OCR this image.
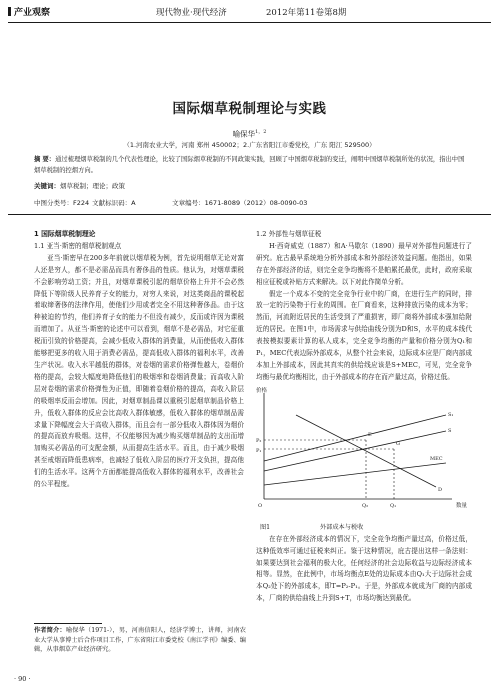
产业观察	现代物业·现代经济	2012年第11卷第8期
国际烟草税制理论与实践
喻保华$^{1,2}$
（1.河南农业大学，河南 郑州 450002；2.广东省阳江市委党校，广东 阳江 529500）
摘 要：通过梳理烟草税制的几个代表性理论，比较了国际烟草税制的不同政策实践，回顾了中国烟草税制的变迁，阐明中国烟草税制所处的状况，指出中国烟草税制的控烟方向。
关键词：烟草税制；理论；政策
中图分类号：F224 文献标识码：A	文章编号：1671-8089（2012）08-0090-03
1 国际烟草税制理论
1.1 亚当·斯密的烟草税制观点

亚当·斯密早在200多年前就以烟草税为例，首先说明烟草无论对富人还是穷人，都不是必需品而具有奢侈品的性质。他认为，对烟草课税不会影响劳动工资；并且，对烟草课税引起的烟草价格上升并不会必然降低下等阶级人民养育子女的能力，对穷人来说，对这类商品的课税起着取缔奢侈的法律作用，使他们少用或者完全不用这种奢侈品。由于这种被迫的节约，他们养育子女的能力不但没有减少，反而或许因为课税而增加了。从亚当·斯密的论述中可以看到，烟草不是必需品，对它征重税而引致的价格提高，会减少低收入群体的消费量，从而使低收入群体能够把更多的收入用于消费必需品，提高低收入群体的福利水平，改善生产状况。收入水平越低的群体，对卷烟的需求价格弹性越大，卷烟价格的提高，会较大幅度地降低他们的吸烟率和卷烟消费量；而高收入阶层对卷烟的需求价格弹性为正值，即随着卷烟价格的提高，高收入阶层的吸烟率反而会增加。因此，对烟草制品课以重税引起烟草制品价格上升，低收入群体的反应会比高收入群体敏感，低收入群体的烟草制品需求量下降幅度会大于高收入群体，而且会有一部分低收入群体因为烟价的提高而放弃吸烟。这样，不仅能够因为减少购买烟草制品的支出而增加购买必需品的可支配金额，从而提高生活水平。而且，由于减少吸烟甚至戒烟而降低患病率，也减轻了低收入阶层的医疗开支负担，提高他们的生活水平。这两个方面都能提高低收入群体的福利水平，改善社会的公平程度。

1.2 外部性与烟草征税

H·西奇威克（1887）和A·马歇尔（1890）最早对外部性问题进行了研究。庇古最早系统地分析外部成本和外部经济效益问题。他指出，如果存在外部经济的话，则完全竞争均衡将不是帕累托最优，此时，政府采取相应征税或补贴方式来解决。以下对此作简单分析。

假定一个成本不变的完全竞争行业中的厂商，在进行生产的同时，排放一定的污染物于行业的周围。在厂商看来，这种排放污染的成本为零；然而，河流附近居民的生活受到了严重损害，即厂商将外部成本强加给附近的居民。在图1中，市场需求与供给曲线分别为D和S，水平的成本线代表按模拟要素计算的私人成本，完全竞争均衡的产量和价格分别为Q₁和P₁，MEC代表边际外部成本，从整个社会来说，边际成本应是厂商内部成本加上外部成本，因此其真实的供给线应该是S+MEC，可见，完全竞争均衡与最优均衡相比，由于外部成本的存在而产量过高，价格过低。

价格
数量
P₂
P₁
Q₂	Q₁
E
G
S₁
S
MEC
D
O

图1	外部成本与税收

在存在外部经济成本的情况下，完全竞争均衡产量过高，价格过低，这种低效率可通过征税来纠正。鉴于这种情况，庇古提出这样一条法则：如果要达到社会福利的极大化，任何经济的社会边际收益与边际经济成本相等。显然，在此例中，市场均衡点E处的边际成本由Q₁大于边际社会成本Q₂处下的外部成本，即T=P₂-P₁。于是，外部成本就成为厂商的内部成本，厂商的供给曲线上升到S+T，市场均衡达到最优。

作者简介：喻保华（1971-），男，河南信阳人，经济学博士，讲师，河南农业大学从事博士后合作项目工作，广东省阳江市委党校《南江学刊》编委、编辑，从事烟草产业经济研究。
· 90 ·
